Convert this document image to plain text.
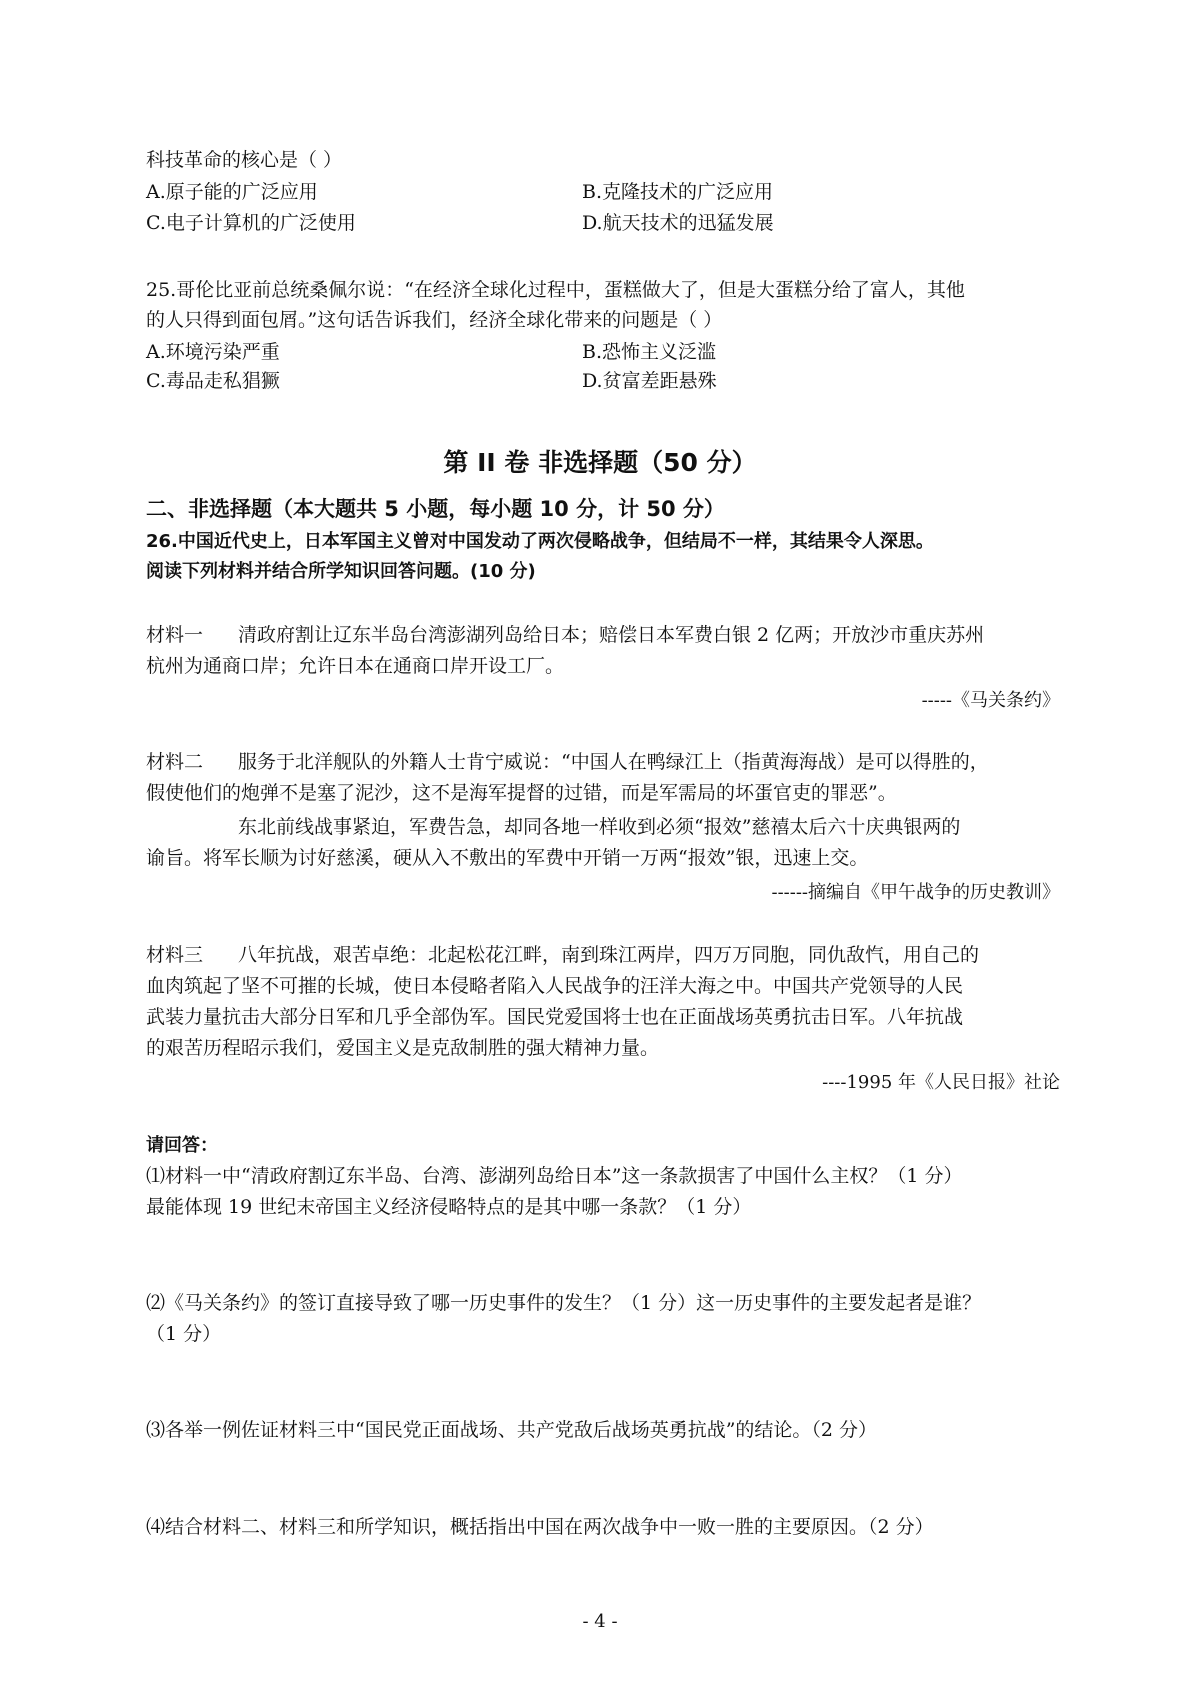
科技革命的核心是（ ）
A.原子能的广泛应用	B.克隆技术的广泛应用
C.电子计算机的广泛使用	D.航天技术的迅猛发展
25.哥伦比亚前总统桑佩尔说：“在经济全球化过程中，蛋糕做大了，但是大蛋糕分给了富人，其他
的人只得到面包屑。”这句话告诉我们，经济全球化带来的问题是（ ）
A.环境污染严重	B.恐怖主义泛滥
C.毒品走私猖獗	D.贫富差距悬殊
第 II 卷 非选择题（50 分）
二、非选择题（本大题共 5 小题，每小题 10 分，计 50 分）
26.中国近代史上，日本军国主义曾对中国发动了两次侵略战争，但结局不一样，其结果令人深思。
阅读下列材料并结合所学知识回答问题。(10 分)
材料一 清政府割让辽东半岛台湾澎湖列岛给日本；赔偿日本军费白银 2 亿两；开放沙市重庆苏州
杭州为通商口岸；允许日本在通商口岸开设工厂。
-----《马关条约》
材料二 服务于北洋舰队的外籍人士肯宁威说：“中国人在鸭绿江上（指黄海海战）是可以得胜的，
假使他们的炮弹不是塞了泥沙，这不是海军提督的过错，而是军需局的坏蛋官吏的罪恶”。
东北前线战事紧迫，军费告急，却同各地一样收到必须“报效”慈禧太后六十庆典银两的
谕旨。将军长顺为讨好慈溪，硬从入不敷出的军费中开销一万两“报效”银，迅速上交。
------摘编自《甲午战争的历史教训》
材料三 八年抗战，艰苦卓绝：北起松花江畔，南到珠江两岸，四万万同胞，同仇敌忾，用自己的
血肉筑起了坚不可摧的长城，使日本侵略者陷入人民战争的汪洋大海之中。中国共产党领导的人民
武装力量抗击大部分日军和几乎全部伪军。国民党爱国将士也在正面战场英勇抗击日军。八年抗战
的艰苦历程昭示我们，爱国主义是克敌制胜的强大精神力量。
----1995 年《人民日报》社论
请回答：
⑴材料一中“清政府割辽东半岛、台湾、澎湖列岛给日本”这一条款损害了中国什么主权？（1 分）
最能体现 19 世纪末帝国主义经济侵略特点的是其中哪一条款？（1 分）
⑵《马关条约》的签订直接导致了哪一历史事件的发生？（1 分）这一历史事件的主要发起者是谁？
（1 分）
⑶各举一例佐证材料三中“国民党正面战场、共产党敌后战场英勇抗战”的结论。（2 分）
⑷结合材料二、材料三和所学知识，概括指出中国在两次战争中一败一胜的主要原因。（2 分）
- 4 -
